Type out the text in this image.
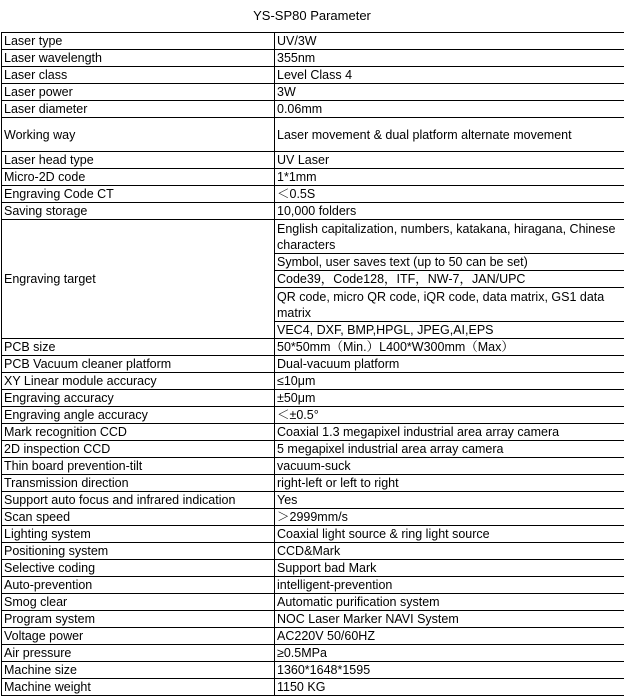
YS-SP80 Parameter
Laser type	UV/3W
Laser wavelength	355nm
Laser class	Level Class 4
Laser power	3W
Laser diameter	0.06mm
Working way	Laser movement & dual platform alternate movement
Laser head type	UV Laser
Micro-2D code	1*1mm
Engraving Code CT	＜0.5S
Saving storage	10,000 folders
Engraving target	English capitalization, numbers, katakana, hiragana, Chinese characters
	Symbol, user saves text (up to 50 can be set)
	Code39，Code128，ITF，NW-7，JAN/UPC
	QR code, micro QR code, iQR code, data matrix, GS1 data matrix
	VEC4, DXF, BMP,HPGL, JPEG,AI,EPS
PCB size	50*50mm（Min.）L400*W300mm（Max）
PCB Vacuum cleaner platform	Dual-vacuum platform
XY Linear module accuracy	≤10μm
Engraving accuracy	±50μm
Engraving angle accuracy	＜±0.5°
Mark recognition CCD	Coaxial 1.3 megapixel industrial area array camera
2D inspection CCD	5 megapixel industrial area array camera
Thin board prevention-tilt	vacuum-suck
Transmission direction	right-left or left to right
Support auto focus and infrared indication	Yes
Scan speed	＞2999mm/s
Lighting system	Coaxial light source & ring light source
Positioning system	CCD&Mark
Selective coding	Support bad Mark
Auto-prevention	intelligent-prevention
Smog clear	Automatic purification system
Program system	NOC Laser Marker NAVI System
Voltage power	AC220V 50/60HZ
Air pressure	≥0.5MPa
Machine size	1360*1648*1595
Machine weight	1150 KG
